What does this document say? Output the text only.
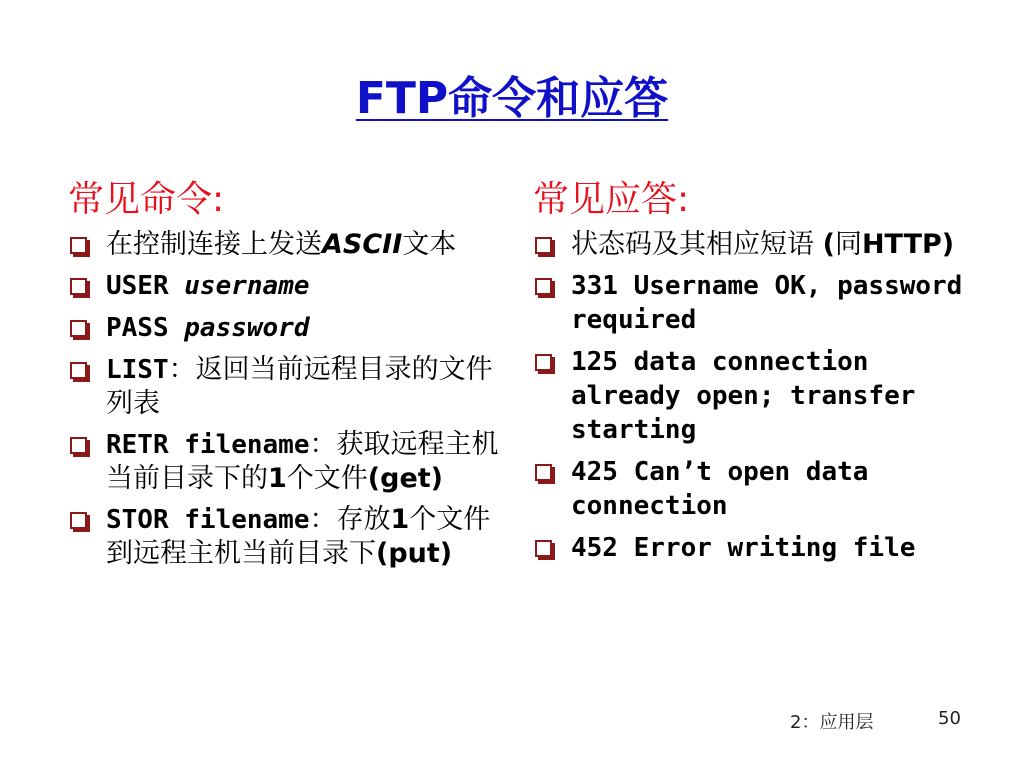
FTP命令和应答
常见命令:
在控制连接上发送ASCII文本
USER username
PASS password
LIST：返回当前远程目录的文件列表
RETR filename：获取远程主机当前目录下的1个文件(get)
STOR filename：存放1个文件到远程主机当前目录下(put)
常见应答:
状态码及其相应短语 (同HTTP)
331 Username OK, password required
125 data connection already open; transfer starting
425 Can’t open data connection
452 Error writing file
2：应用层	50
